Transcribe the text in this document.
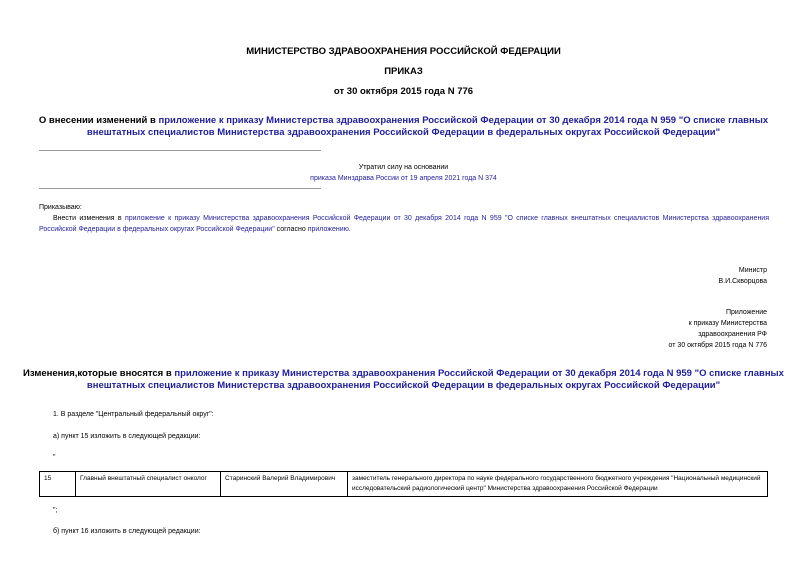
МИНИСТЕРСТВО ЗДРАВООХРАНЕНИЯ РОССИЙСКОЙ ФЕДЕРАЦИИ
ПРИКАЗ
от 30 октября 2015 года N 776
О внесении изменений в приложение к приказу Министерства здравоохранения Российской Федерации от 30 декабря 2014 года N 959 "О списке главных
внештатных специалистов Министерства здравоохранения Российской Федерации в федеральных округах Российской Федерации"
Утратил силу на основании
приказа Минздрава России от 19 апреля 2021 года N 374
Приказываю:
Внести изменения в приложение к приказу Министерства здравоохранения Российской Федерации от 30 декабря 2014 года N 959 "О списке главных внештатных специалистов Министерства здравоохранения Российской Федерации в федеральных округах Российской Федерации" согласно приложению.
Министр
В.И.Скворцова
Приложение
к приказу Министерства
здравоохранения РФ
от 30 октября 2015 года N 776
Изменения,которые вносятся в приложение к приказу Министерства здравоохранения Российской Федерации от 30 декабря 2014 года N 959 "О списке главных
внештатных специалистов Министерства здравоохранения Российской Федерации в федеральных округах Российской Федерации"
1. В разделе "Центральный федеральный округ":
а) пункт 15 изложить в следующей редакции:
"
15	Главный внештатный специалист онколог	Старинский Валерий Владимирович	заместитель генерального директора по науке федерального государственного бюджетного учреждения "Национальный медицинский исследовательский радиологический центр" Министерства здравоохранения Российской Федерации
";
б) пункт 16 изложить в следующей редакции:
